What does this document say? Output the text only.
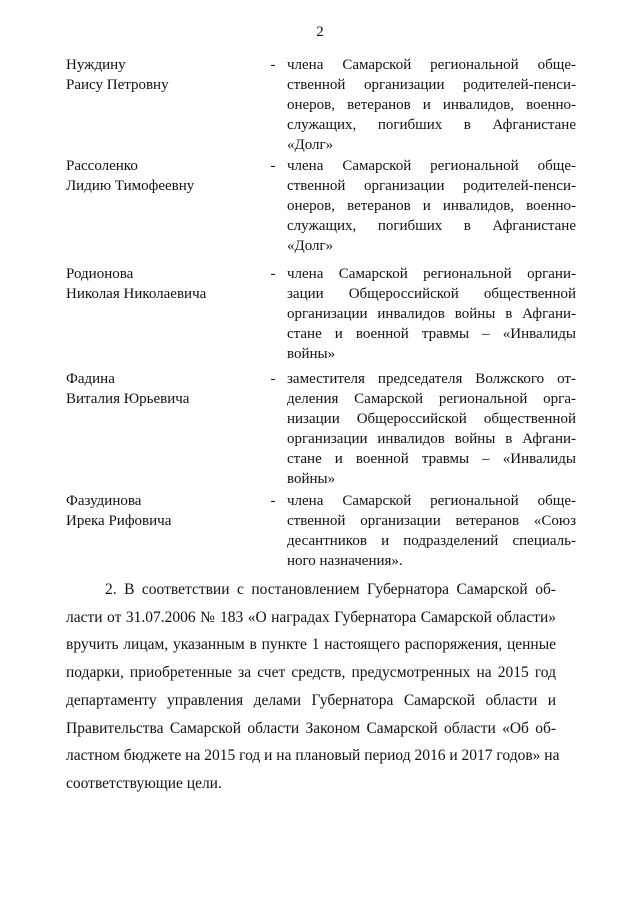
2
Нуждину
Раису Петровну
- члена Самарской региональной обще-
ственной организации родителей-пенси-
онеров, ветеранов и инвалидов, военно-
служащих, погибших в Афганистане
«Долг»
Рассоленко
Лидию Тимофеевну
- члена Самарской региональной обще-
ственной организации родителей-пенси-
онеров, ветеранов и инвалидов, военно-
служащих, погибших в Афганистане
«Долг»
Родионова
Николая Николаевича
- члена Самарской региональной органи-
зации Общероссийской общественной
организации инвалидов войны в Афгани-
стане и военной травмы – «Инвалиды
войны»
Фадина
Виталия Юрьевича
- заместителя председателя Волжского от-
деления Самарской региональной орга-
низации Общероссийской общественной
организации инвалидов войны в Афгани-
стане и военной травмы – «Инвалиды
войны»
Фазудинова
Ирека Рифовича
- члена Самарской региональной обще-
ственной организации ветеранов «Союз
десантников и подразделений специаль-
ного назначения».
2. В соответствии с постановлением Губернатора Самарской об-
ласти от 31.07.2006 № 183 «О наградах Губернатора Самарской области»
вручить лицам, указанным в пункте 1 настоящего распоряжения, ценные
подарки, приобретенные за счет средств, предусмотренных на 2015 год
департаменту управления делами Губернатора Самарской области и
Правительства Самарской области Законом Самарской области «Об об-
ластном бюджете на 2015 год и на плановый период 2016 и 2017 годов» на
соответствующие цели.
